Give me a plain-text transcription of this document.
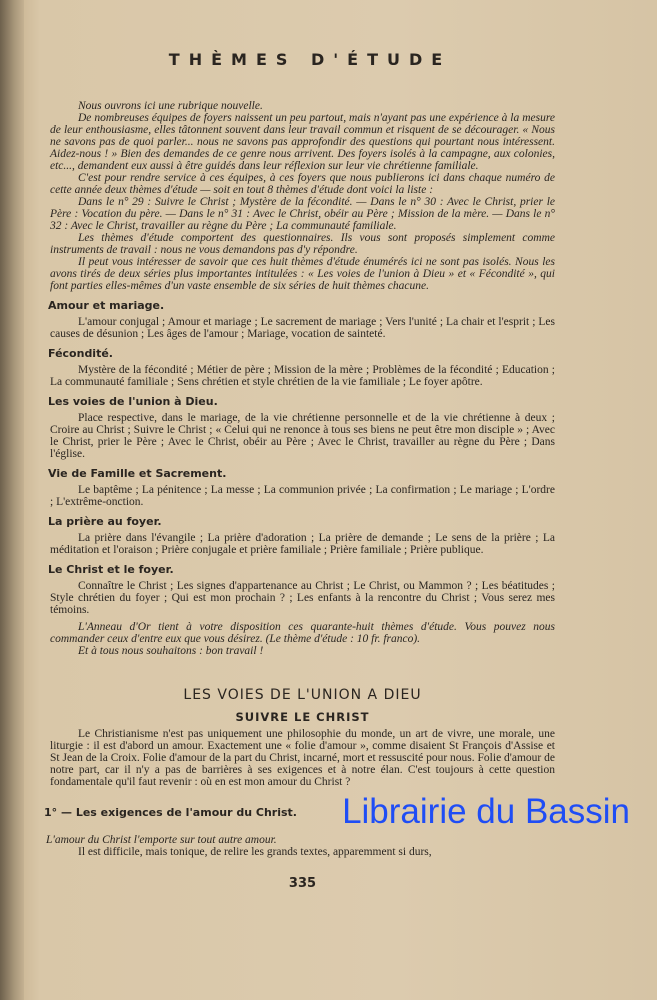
THÈMES D'ÉTUDE

Nous ouvrons ici une rubrique nouvelle.

De nombreuses équipes de foyers naissent un peu partout, mais n'ayant pas une expérience à la mesure de leur enthousiasme, elles tâtonnent souvent dans leur travail commun et risquent de se décourager. « Nous ne savons pas de quoi parler... nous ne savons pas approfondir des questions qui pourtant nous intéressent. Aidez-nous ! » Bien des demandes de ce genre nous arrivent. Des foyers isolés à la campagne, aux colonies, etc..., demandent eux aussi à être guidés dans leur réflexion sur leur vie chrétienne familiale.

C'est pour rendre service à ces équipes, à ces foyers que nous publierons ici dans chaque numéro de cette année deux thèmes d'étude — soit en tout 8 thèmes d'étude dont voici la liste :

Dans le n° 29 : Suivre le Christ ; Mystère de la fécondité. — Dans le n° 30 : Avec le Christ, prier le Père : Vocation du père. — Dans le n° 31 : Avec le Christ, obéir au Père ; Mission de la mère. — Dans le n° 32 : Avec le Christ, travailler au règne du Père ; La communauté familiale.

Les thèmes d'étude comportent des questionnaires. Ils vous sont proposés simplement comme instruments de travail : nous ne vous demandons pas d'y répondre.

Il peut vous intéresser de savoir que ces huit thèmes d'étude énumérés ici ne sont pas isolés. Nous les avons tirés de deux séries plus importantes intitulées : « Les voies de l'union à Dieu » et « Fécondité », qui font parties elles-mêmes d'un vaste ensemble de six séries de huit thèmes chacune.

Amour et mariage.

L'amour conjugal ; Amour et mariage ; Le sacrement de mariage ; Vers l'unité ; La chair et l'esprit ; Les causes de désunion ; Les âges de l'amour ; Mariage, vocation de sainteté.

Fécondité.

Mystère de la fécondité ; Métier de père ; Mission de la mère ; Problèmes de la fécondité ; Education ; La communauté familiale ; Sens chrétien et style chrétien de la vie familiale ; Le foyer apôtre.

Les voies de l'union à Dieu.

Place respective, dans le mariage, de la vie chrétienne personnelle et de la vie chrétienne à deux ; Croire au Christ ; Suivre le Christ ; « Celui qui ne renonce à tous ses biens ne peut être mon disciple » ; Avec le Christ, prier le Père ; Avec le Christ, obéir au Père ; Avec le Christ, travailler au règne du Père ; Dans l'église.

Vie de Famille et Sacrement.

Le baptême ; La pénitence ; La messe ; La communion privée ; La confirmation ; Le mariage ; L'ordre ; L'extrême-onction.

La prière au foyer.

La prière dans l'évangile ; La prière d'adoration ; La prière de demande ; Le sens de la prière ; La méditation et l'oraison ; Prière conjugale et prière familiale ; Prière familiale ; Prière publique.

Le Christ et le foyer.

Connaître le Christ ; Les signes d'appartenance au Christ ; Le Christ, ou Mammon ? ; Les béatitudes ; Style chrétien du foyer ; Qui est mon prochain ? ; Les enfants à la rencontre du Christ ; Vous serez mes témoins.

L'Anneau d'Or tient à votre disposition ces quarante-huit thèmes d'étude. Vous pouvez nous commander ceux d'entre eux que vous désirez. (Le thème d'étude : 10 fr. franco).

Et à tous nous souhaitons : bon travail !

LES VOIES DE L'UNION A DIEU
SUIVRE LE CHRIST

Le Christianisme n'est pas uniquement une philosophie du monde, un art de vivre, une morale, une liturgie : il est d'abord un amour. Exactement une « folie d'amour », comme disaient St François d'Assise et St Jean de la Croix. Folie d'amour de la part du Christ, incarné, mort et ressuscité pour nous. Folie d'amour de notre part, car il n'y a pas de barrières à ses exigences et à notre élan. C'est toujours à cette question fondamentale qu'il faut revenir : où en est mon amour du Christ ?

1° — Les exigences de l'amour du Christ. Librairie du Bassin

L'amour du Christ l'emporte sur tout autre amour.

Il est difficile, mais tonique, de relire les grands textes, apparemment si durs,

335
